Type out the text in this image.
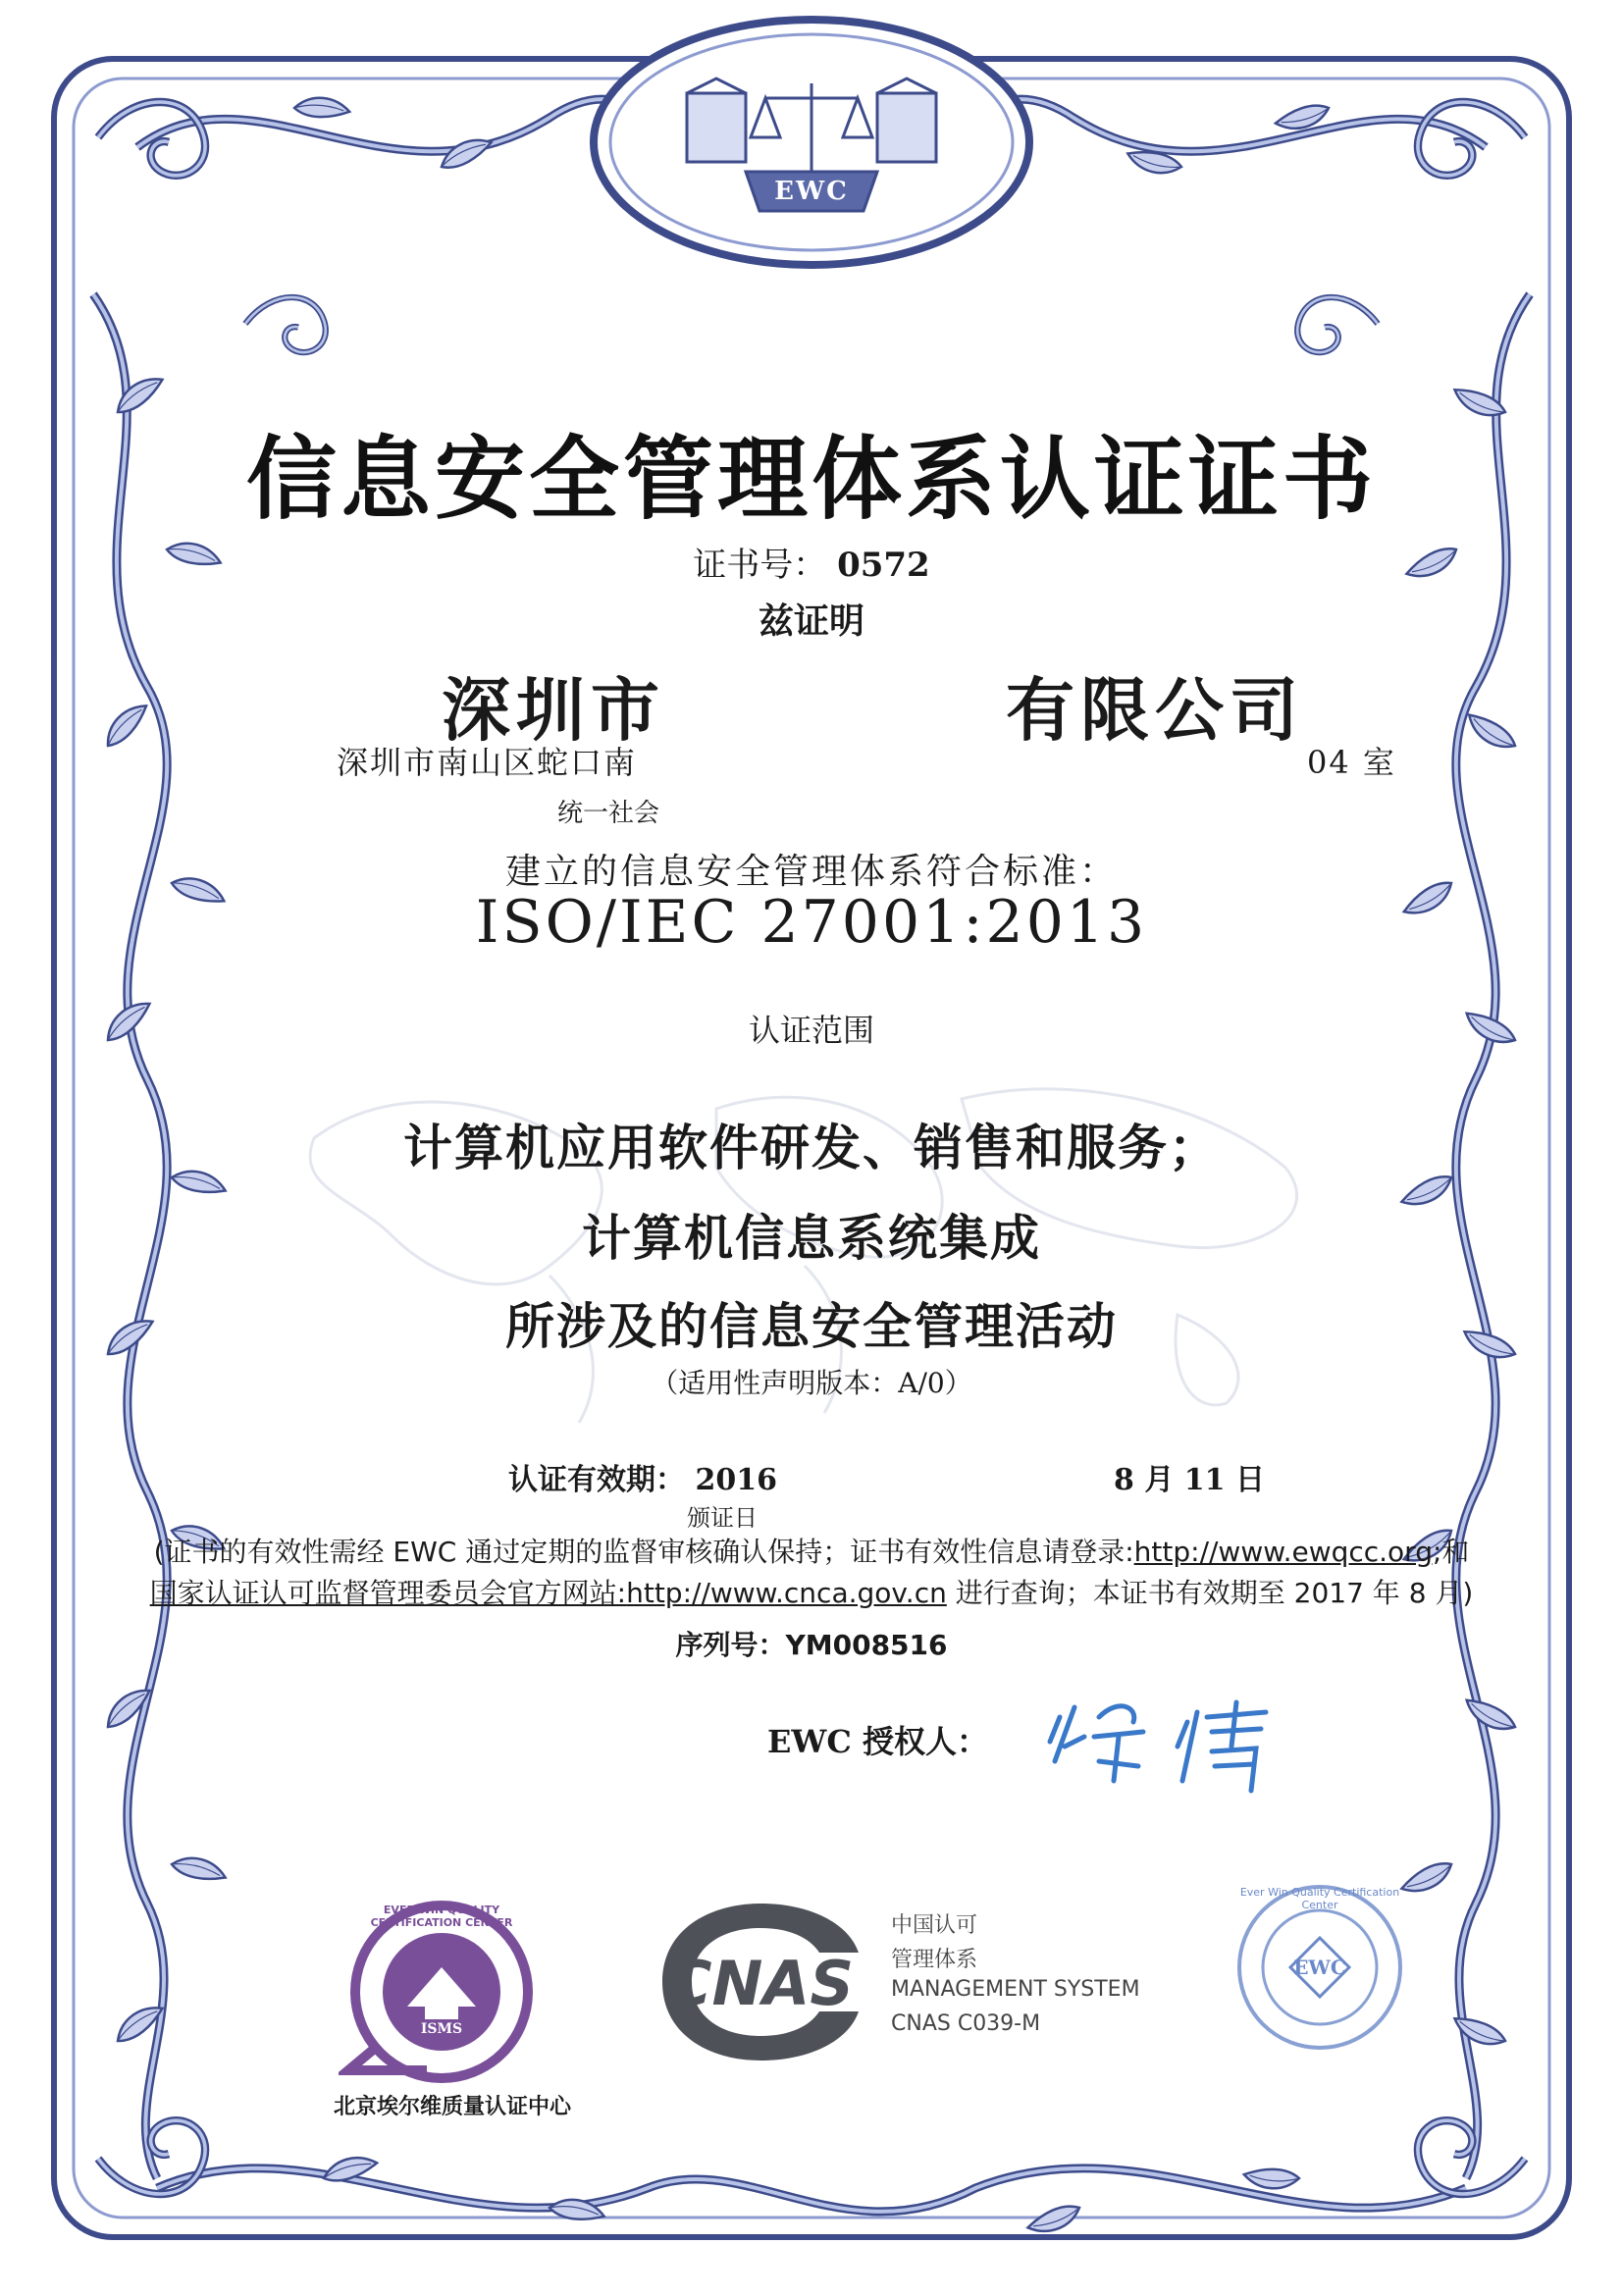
EWC
信息安全管理体系认证证书
证书号： 0572
兹证明
深圳市	有限公司
深圳市南山区蛇口南	04 室
统一社会
建立的信息安全管理体系符合标准：
ISO/IEC 27001:2013
认证范围
计算机应用软件研发、销售和服务；
计算机信息系统集成
所涉及的信息安全管理活动
（适用性声明版本：A/0）
认证有效期： 2016	8 月 11 日
颁证日
(证书的有效性需经 EWC 通过定期的监督审核确认保持；证书有效性信息请登录:http://www.ewqcc.org;和
国家认证认可监督管理委员会官方网站:http://www.cnca.gov.cn 进行查询；本证书有效期至 2017 年 8 月)
序列号：YM008516
EWC 授权人：
EVER WIN QUALITY CERTIFICATION CENTER
ISMS
北京埃尔维质量认证中心
CNAS
中国认可
管理体系
MANAGEMENT SYSTEM
CNAS C039-M
Ever Win Quality Certification Center
EWC
